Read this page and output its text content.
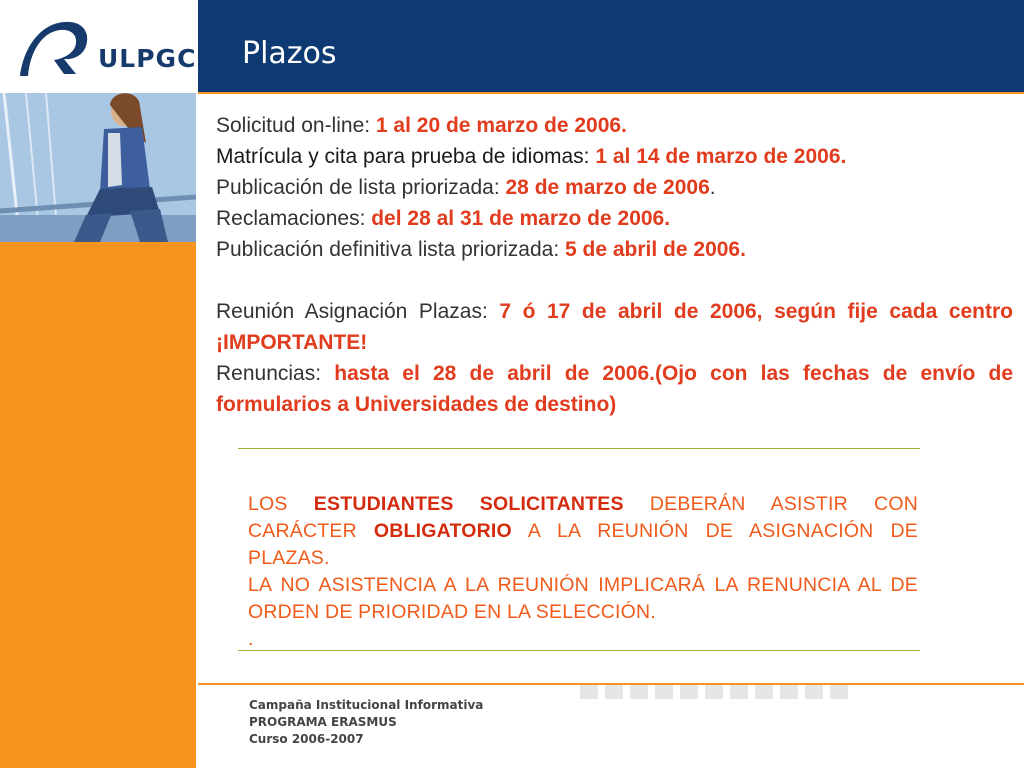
ULPGC Plazos

Solicitud on-line: 1 al 20 de marzo de 2006.

Matrícula y cita para prueba de idiomas: 1 al 14 de marzo de 2006.

Publicación de lista priorizada: 28 de marzo de 2006.

Reclamaciones: del 28 al 31 de marzo de 2006.

Publicación definitiva lista priorizada: 5 de abril de 2006.

Reunión Asignación Plazas: 7 ó 17 de abril de 2006, según fije cada centro ¡IMPORTANTE!

Renuncias: hasta el 28 de abril de 2006.(Ojo con las fechas de envío de formularios a Universidades de destino)

LOS ESTUDIANTES SOLICITANTES DEBERÁN ASISTIR CON CARÁCTER OBLIGATORIO A LA REUNIÓN DE ASIGNACIÓN DE PLAZAS.

LA NO ASISTENCIA A LA REUNIÓN IMPLICARÁ LA RENUNCIA AL DE ORDEN DE PRIORIDAD EN LA SELECCIÓN.

.

Campaña Institucional Informativa

PROGRAMA ERASMUS

Curso 2006-2007
